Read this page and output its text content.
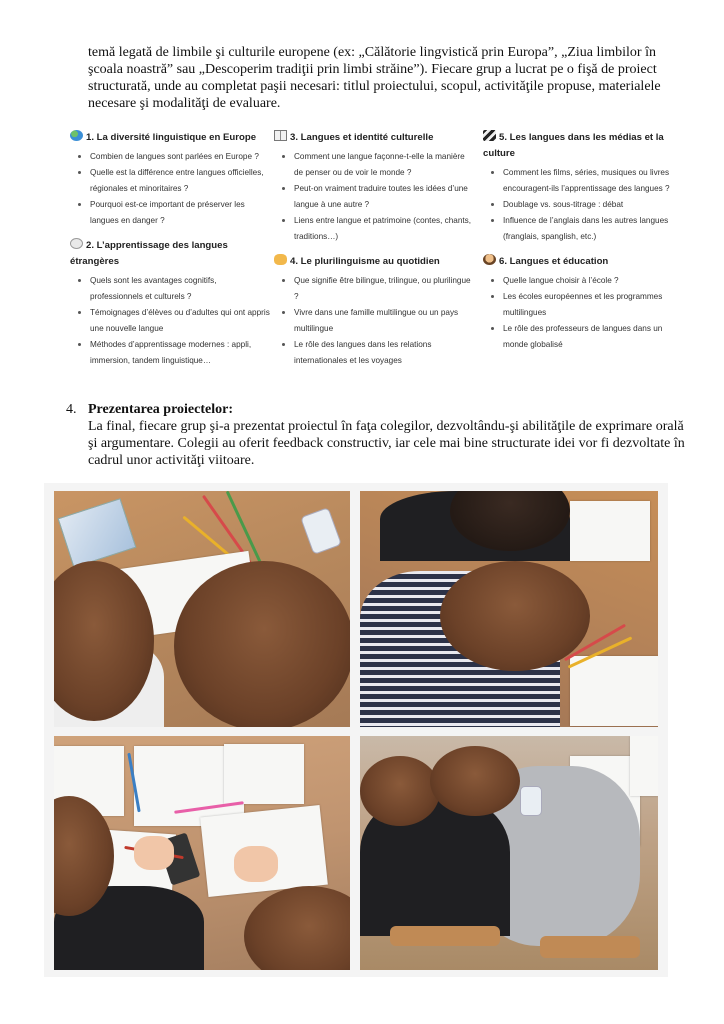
temă legată de limbile şi culturile europene (ex: „Călătorie lingvistică prin Europa”, „Ziua limbilor în şcoala noastră” sau „Descoperim tradiţii prin limbi străine”). Fiecare grup a lucrat pe o fişă de proiect structurată, unde au completat paşii necesari: titlul proiectului, scopul, activităţile propuse, materialele necesare şi modalităţi de evaluare.
1. La diversité linguistique en Europe
Combien de langues sont parlées en Europe ?
Quelle est la différence entre langues officielles, régionales et minoritaires ?
Pourquoi est-ce important de préserver les langues en danger ?
2. L’apprentissage des langues étrangères
Quels sont les avantages cognitifs, professionnels et culturels ?
Témoignages d’élèves ou d’adultes qui ont appris une nouvelle langue
Méthodes d’apprentissage modernes : appli, immersion, tandem linguistique…
3. Langues et identité culturelle
Comment une langue façonne-t-elle la manière de penser ou de voir le monde ?
Peut-on vraiment traduire toutes les idées d’une langue à une autre ?
Liens entre langue et patrimoine (contes, chants, traditions…)
4. Le plurilinguisme au quotidien
Que signifie être bilingue, trilingue, ou plurilingue ?
Vivre dans une famille multilingue ou un pays multilingue
Le rôle des langues dans les relations internationales et les voyages
5. Les langues dans les médias et la culture
Comment les films, séries, musiques ou livres encouragent-ils l’apprentissage des langues ?
Doublage vs. sous-titrage : débat
Influence de l’anglais dans les autres langues (franglais, spanglish, etc.)
6. Langues et éducation
Quelle langue choisir à l’école ?
Les écoles européennes et les programmes multilingues
Le rôle des professeurs de langues dans un monde globalisé
4. Prezentarea proiectelor:
La final, fiecare grup şi-a prezentat proiectul în faţa colegilor, dezvoltându-şi abilităţile de exprimare orală şi argumentare. Colegii au oferit feedback constructiv, iar cele mai bine structurate idei vor fi dezvoltate în cadrul unor activităţi viitoare.
